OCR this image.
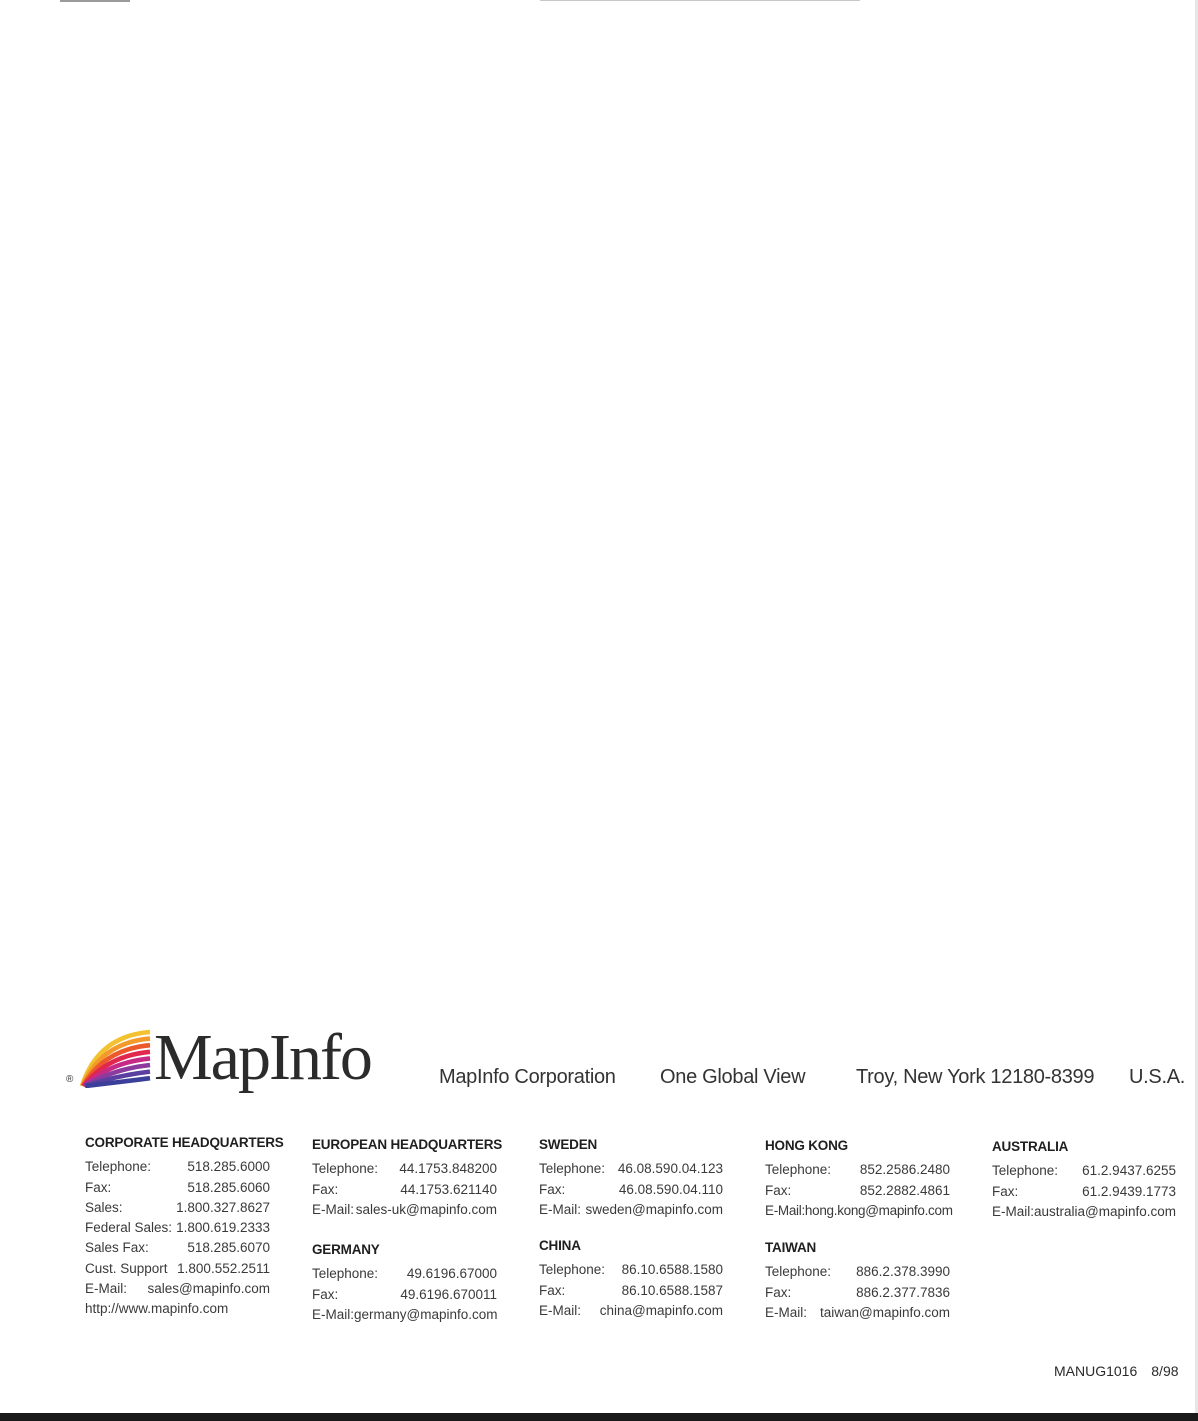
® MapInfo	MapInfo Corporation One Global View	Troy, New York 12180-8399 U.S.A.
CORPORATE HEADQUARTERS
Telephone:	518.285.6000
Fax:	518.285.6060
Sales:	1.800.327.8627
Federal Sales: 1.800.619.2333
Sales Fax:	518.285.6070
Cust. Support 1.800.552.2511
E-Mail: sales@mapinfo.com
http://www.mapinfo.com
EUROPEAN HEADQUARTERS
Telephone: 44.1753.848200
Fax:	44.1753.621140
E-Mail: sales-uk@mapinfo.com
GERMANY
Telephone: 49.6196.67000
Fax:	49.6196.670011
E-Mail: germany@mapinfo.com
SWEDEN
Telephone: 46.08.590.04.123
Fax:	46.08.590.04.110
E-Mail: sweden@mapinfo.com
CHINA
Telephone: 86.10.6588.1580
Fax:	86.10.6588.1587
E-Mail: china@mapinfo.com
HONG KONG
Telephone: 852.2586.2480
Fax:	852.2882.4861
E-Mail: hong.kong@mapinfo.com
TAIWAN
Telephone: 886.2.378.3990
Fax:	886.2.377.7836
E-Mail: taiwan@mapinfo.com
AUSTRALIA
Telephone: 61.2.9437.6255
Fax:	61.2.9439.1773
E-Mail: australia@mapinfo.com
MANUG1016 8/98
